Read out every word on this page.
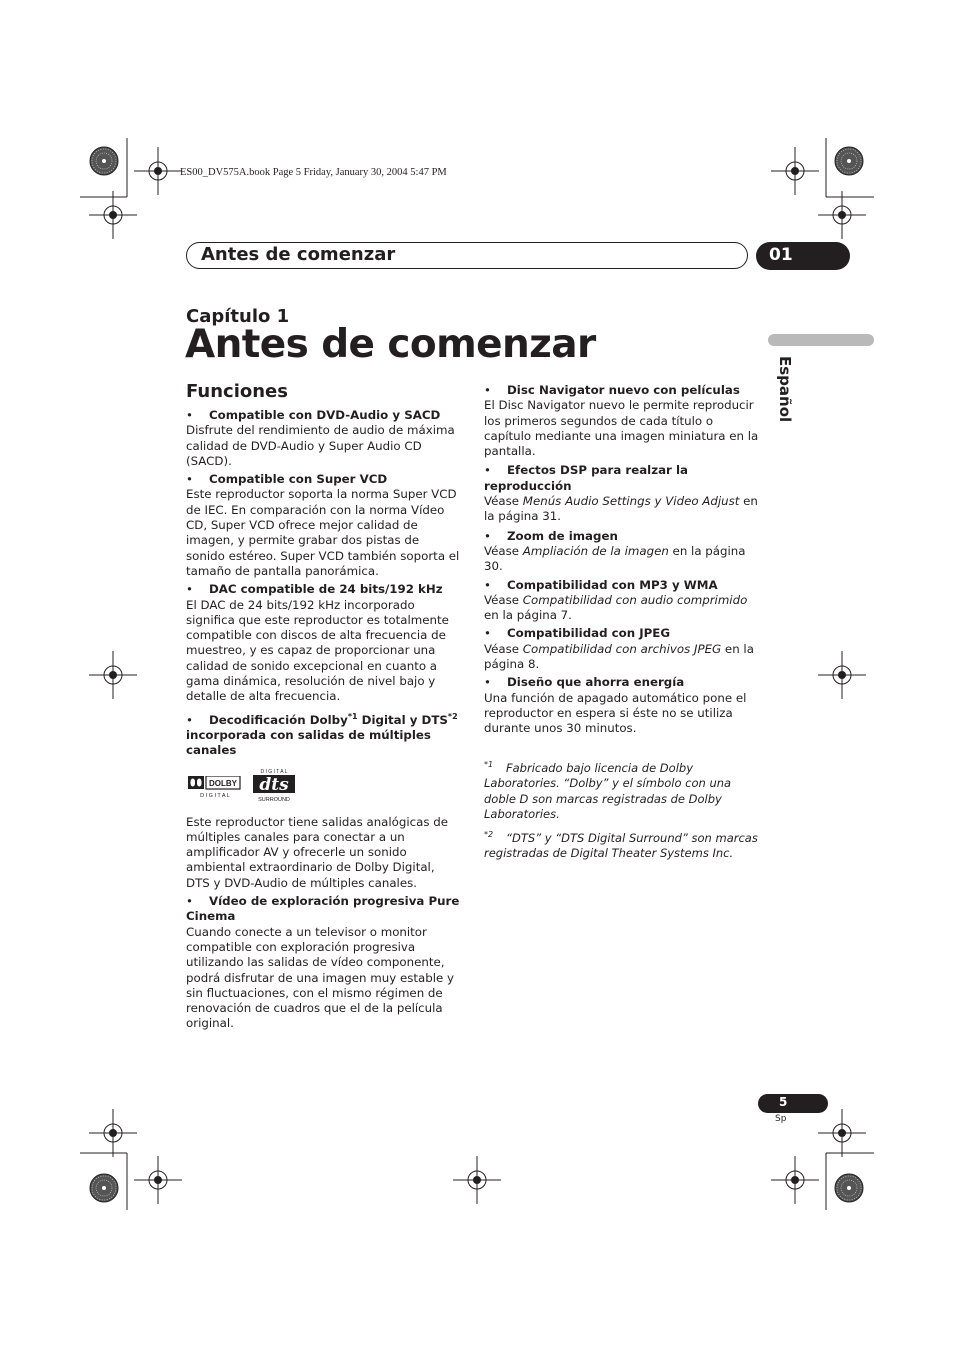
ES00_DV575A.book Page 5 Friday, January 30, 2004 5:47 PM
Antes de comenzar	01
Capítulo 1
Antes de comenzar
Español
Funciones

• Compatible con DVD-Audio y SACD

Disfrute del rendimiento de audio de máxima calidad de DVD-Audio y Super Audio CD (SACD).

• Compatible con Super VCD

Este reproductor soporta la norma Super VCD de IEC. En comparación con la norma Vídeo CD, Super VCD ofrece mejor calidad de imagen, y permite grabar dos pistas de sonido estéreo. Super VCD también soporta el tamaño de pantalla panorámica.

• DAC compatible de 24 bits/192 kHz

El DAC de 24 bits/192 kHz incorporado significa que este reproductor es totalmente compatible con discos de alta frecuencia de muestreo, y es capaz de proporcionar una calidad de sonido excepcional en cuanto a gama dinámica, resolución de nivel bajo y detalle de alta frecuencia.

• Decodificación Dolby$^{*1}$ Digital y DTS$^{*2}$ incorporada con salidas de múltiples canales

DOLBY
D I G I T A L
D I G I T A L
dts
SURROUND

Este reproductor tiene salidas analógicas de múltiples canales para conectar a un amplificador AV y ofrecerle un sonido ambiental extraordinario de Dolby Digital, DTS y DVD-Audio de múltiples canales.

• Vídeo de exploración progresiva Pure Cinema

Cuando conecte a un televisor o monitor compatible con exploración progresiva utilizando las salidas de vídeo componente, podrá disfrutar de una imagen muy estable y sin fluctuaciones, con el mismo régimen de renovación de cuadros que el de la película original.

• Disc Navigator nuevo con películas

El Disc Navigator nuevo le permite reproducir los primeros segundos de cada título o capítulo mediante una imagen miniatura en la pantalla.

• Efectos DSP para realzar la reproducción

Véase Menús Audio Settings y Video Adjust en la página 31.

• Zoom de imagen

Véase Ampliación de la imagen en la página 30.

• Compatibilidad con MP3 y WMA

Véase Compatibilidad con audio comprimido en la página 7.

• Compatibilidad con JPEG

Véase Compatibilidad con archivos JPEG en la página 8.

• Diseño que ahorra energía

Una función de apagado automático pone el reproductor en espera si éste no se utiliza durante unos 30 minutos.

*1 Fabricado bajo licencia de Dolby Laboratories. “Dolby” y el símbolo con una doble D son marcas registradas de Dolby Laboratories.

*2 “DTS” y “DTS Digital Surround” son marcas registradas de Digital Theater Systems Inc.

5
Sp
